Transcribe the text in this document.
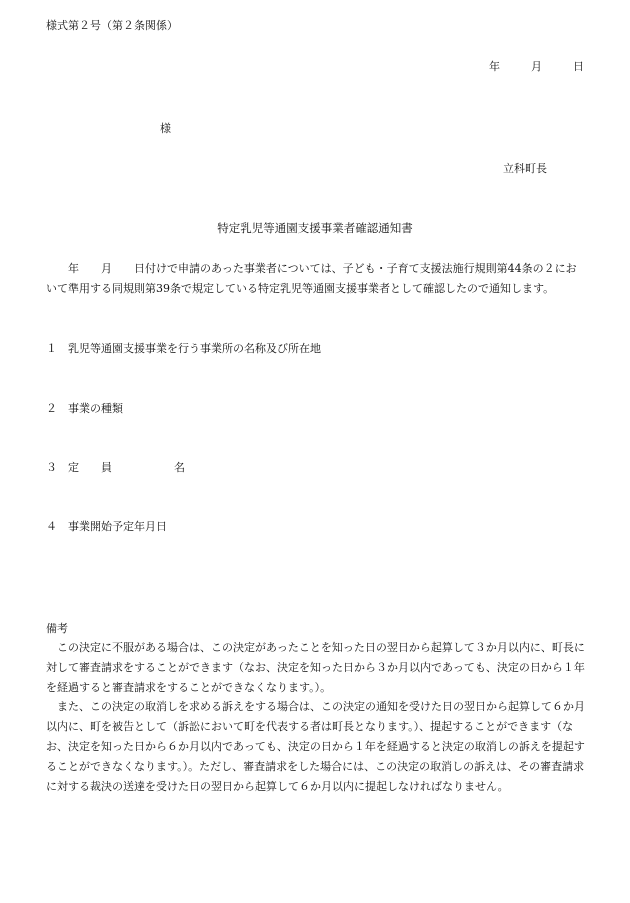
様式第２号（第２条関係）
年	月	日
様
立科町長
特定乳児等通園支援事業者確認通知書
年　　月　　日付けで申請のあった事業者については、子ども・子育て支援法施行規則第44条の２において準用する同規則第39条で規定している特定乳児等通園支援事業者として確認したので通知します。
１ 乳児等通園支援事業を行う事業所の名称及び所在地
２ 事業の種類
３ 定　　員	名
４ 事業開始予定年月日
備考
この決定に不服がある場合は、この決定があったことを知った日の翌日から起算して３か月以内に、町長に対して審査請求をすることができます（なお、決定を知った日から３か月以内であっても、決定の日から１年を経過すると審査請求をすることができなくなります。）。
また、この決定の取消しを求める訴えをする場合は、この決定の通知を受けた日の翌日から起算して６か月以内に、町を被告として（訴訟において町を代表する者は町長となります。）、提起することができます（なお、決定を知った日から６か月以内であっても、決定の日から１年を経過すると決定の取消しの訴えを提起することができなくなります。）。ただし、審査請求をした場合には、この決定の取消しの訴えは、その審査請求に対する裁決の送達を受けた日の翌日から起算して６か月以内に提起しなければなりません。
